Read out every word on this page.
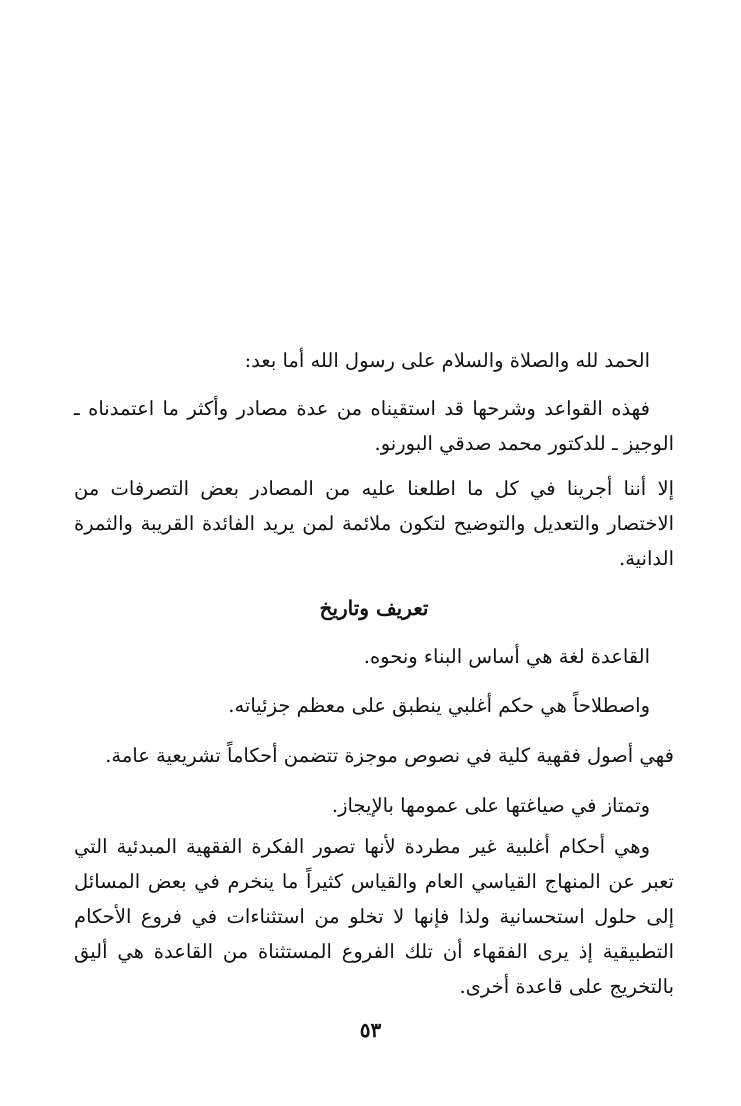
الحمد لله والصلاة والسلام على رسول الله أما بعد:

فهذه القواعد وشرحها قد استقيناه من عدة مصادر وأكثر ما اعتمدناه ـ الوجيز ـ للدكتور محمد صدقي البورنو.

إلا أننا أجرينا في كل ما اطلعنا عليه من المصادر بعض التصرفات من الاختصار والتعديل والتوضيح لتكون ملائمة لمن يريد الفائدة القريبة والثمرة الدانية.

تعريف وتاريخ

القاعدة لغة هي أساس البناء ونحوه.

واصطلاحاً هي حكم أغلبي ينطبق على معظم جزئياته.

فهي أصول فقهية كلية في نصوص موجزة تتضمن أحكاماً تشريعية عامة.

وتمتاز في صياغتها على عمومها بالإيجاز.

وهي أحكام أغلبية غير مطردة لأنها تصور الفكرة الفقهية المبدئية التي تعبر عن المنهاج القياسي العام والقياس كثيراً ما ينخرم في بعض المسائل إلى حلول استحسانية ولذا فإنها لا تخلو من استثناءات في فروع الأحكام التطبيقية إذ يرى الفقهاء أن تلك الفروع المستثناة من القاعدة هي أليق بالتخريج على قاعدة أخرى.

٥٣
